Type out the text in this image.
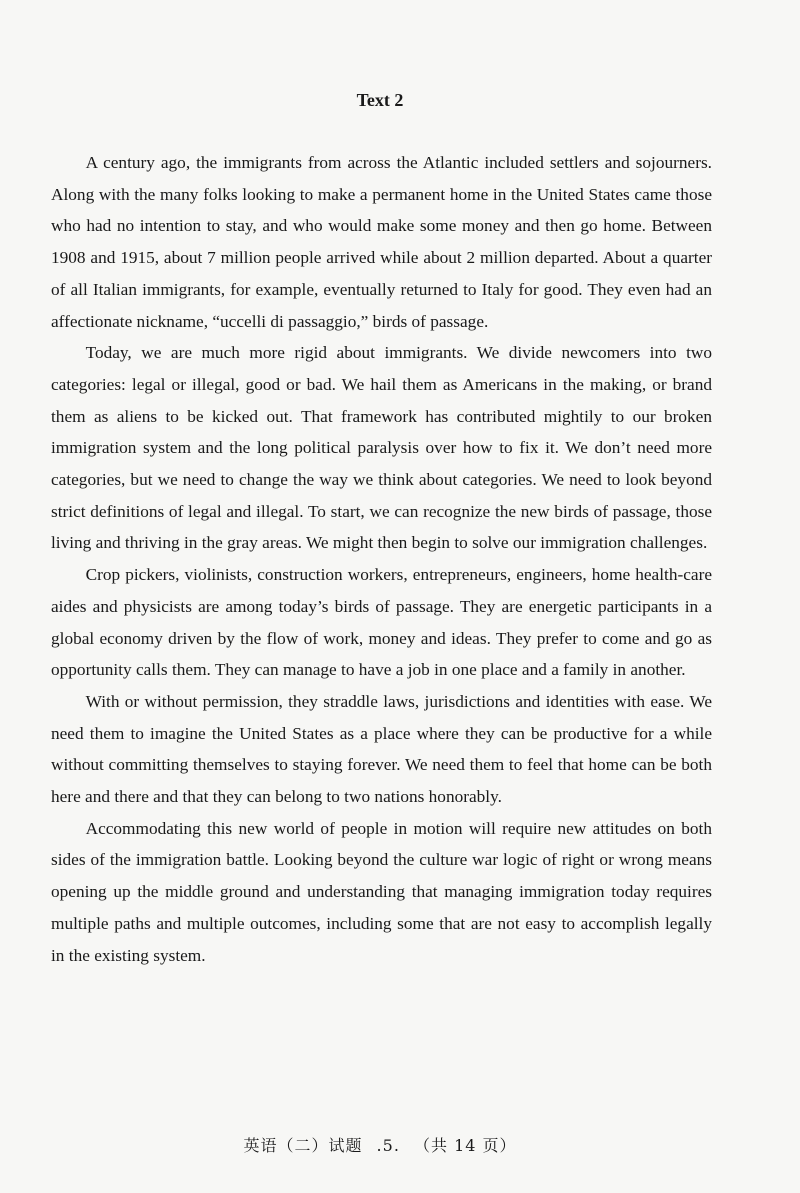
Text 2

A century ago, the immigrants from across the Atlantic included settlers and sojourners. Along with the many folks looking to make a permanent home in the United States came those who had no intention to stay, and who would make some money and then go home. Between 1908 and 1915, about 7 million people arrived while about 2 million departed. About a quarter of all Italian immigrants, for example, eventually returned to Italy for good. They even had an affectionate nickname, “uccelli di passaggio,” birds of passage.

Today, we are much more rigid about immigrants. We divide newcomers into two categories: legal or illegal, good or bad. We hail them as Americans in the making, or brand them as aliens to be kicked out. That framework has contributed mightily to our broken immigration system and the long political paralysis over how to fix it. We don’t need more categories, but we need to change the way we think about categories. We need to look beyond strict definitions of legal and illegal. To start, we can recognize the new birds of passage, those living and thriving in the gray areas. We might then begin to solve our immigration challenges.

Crop pickers, violinists, construction workers, entrepreneurs, engineers, home health-care aides and physicists are among today’s birds of passage. They are energetic participants in a global economy driven by the flow of work, money and ideas. They prefer to come and go as opportunity calls them. They can manage to have a job in one place and a family in another.

With or without permission, they straddle laws, jurisdictions and identities with ease. We need them to imagine the United States as a place where they can be productive for a while without committing themselves to staying forever. We need them to feel that home can be both here and there and that they can belong to two nations honorably.

Accommodating this new world of people in motion will require new attitudes on both sides of the immigration battle. Looking beyond the culture war logic of right or wrong means opening up the middle ground and understanding that managing immigration today requires multiple paths and multiple outcomes, including some that are not easy to accomplish legally in the existing system.

英语（二）试题 .5. （共 14 页）
